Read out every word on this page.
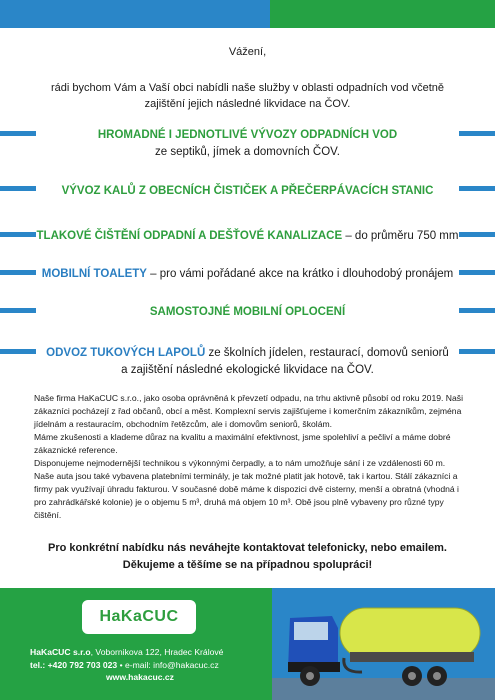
Vážení,
rádi bychom Vám a Vaší obci nabídli naše služby v oblasti odpadních vod včetně zajištění jejich následné likvidace na ČOV.
HROMADNÉ I JEDNOTLIVÉ VÝVOZY ODPADNÍCH VOD
ze septiků, jímek a domovních ČOV.
VÝVOZ KALŮ Z OBECNÍCH ČISTIČEK A PŘEČERPÁVACÍCH STANIC
TLAKOVÉ ČIŠTĚNÍ ODPADNÍ A DEŠŤOVÉ KANALIZACE – do průměru 750 mm
MOBILNÍ TOALETY – pro vámi pořádané akce na krátko i dlouhodobý pronájem
SAMOSTOJNÉ MOBILNÍ OPLOCENÍ
ODVOZ TUKOVÝCH LAPOLŮ ze školních jídelen, restaurací, domovů seniorů
a zajištění následné ekologické likvidace na ČOV.

Naše firma HaKaCUC s.r.o., jako osoba oprávněná k převzetí odpadu, na trhu aktivně působí od roku 2019. Naši zákazníci pocházejí z řad občanů, obcí a měst. Komplexní servis zajišťujeme i komerčním zákazníkům, zejména jídelnám a restauracím, obchodním řetězcům, ale i domovům seniorů, školám.

Máme zkušenosti a klademe důraz na kvalitu a maximální efektivnost, jsme spolehliví a pečliví a máme dobré zákaznické reference.

Disponujeme nejmodernější technikou s výkonnými čerpadly, a to nám umožňuje sání i ze vzdálenosti 60 m. Naše auta jsou také vybavena platebními terminály, je tak možné platit jak hotově, tak i kartou. Stálí zákazníci a firmy pak využívají úhradu fakturou. V současné době máme k dispozici dvě cisterny, menší a obratná (vhodná i pro zahrádkářské kolonie) je o objemu 5 m³, druhá má objem 10 m³. Obě jsou plně vybaveny pro různé typy čištění.

Pro konkrétní nabídku nás neváhejte kontaktovat telefonicky, nebo emailem.
Děkujeme a těšíme se na případnou spolupráci!
HaKaCUC
HaKaCUC s.r.o, Vobornikova 122, Hradec Králové
tel.: +420 792 703 023 • e-mail: info@hakacuc.cz

www.hakacuc.cz
